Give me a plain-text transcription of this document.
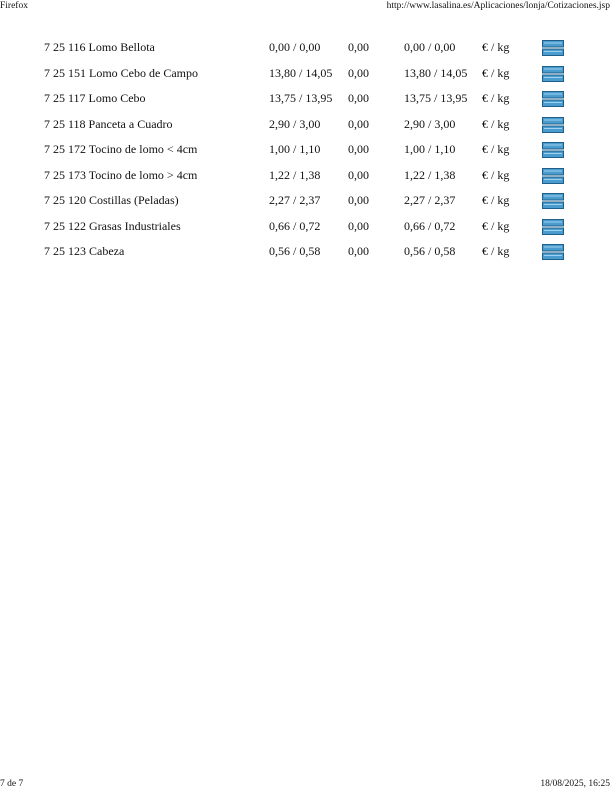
Firefox	http://www.lasalina.es/Aplicaciones/lonja/Cotizaciones.jsp
7 25 116 Lomo Bellota	0,00 / 0,00 0,00	0,00 / 0,00 € / kg
7 25 151 Lomo Cebo de Campo	13,80 / 14,05 0,00	13,80 / 14,05 € / kg
7 25 117 Lomo Cebo	13,75 / 13,95 0,00	13,75 / 13,95 € / kg
7 25 118 Panceta a Cuadro	2,90 / 3,00 0,00	2,90 / 3,00 € / kg
7 25 172 Tocino de lomo < 4cm	1,00 / 1,10 0,00	1,00 / 1,10 € / kg
7 25 173 Tocino de lomo > 4cm	1,22 / 1,38 0,00	1,22 / 1,38 € / kg
7 25 120 Costillas (Peladas)	2,27 / 2,37 0,00	2,27 / 2,37 € / kg
7 25 122 Grasas Industriales	0,66 / 0,72 0,00	0,66 / 0,72 € / kg
7 25 123 Cabeza	0,56 / 0,58 0,00	0,56 / 0,58 € / kg
7 de 7	18/08/2025, 16:25
